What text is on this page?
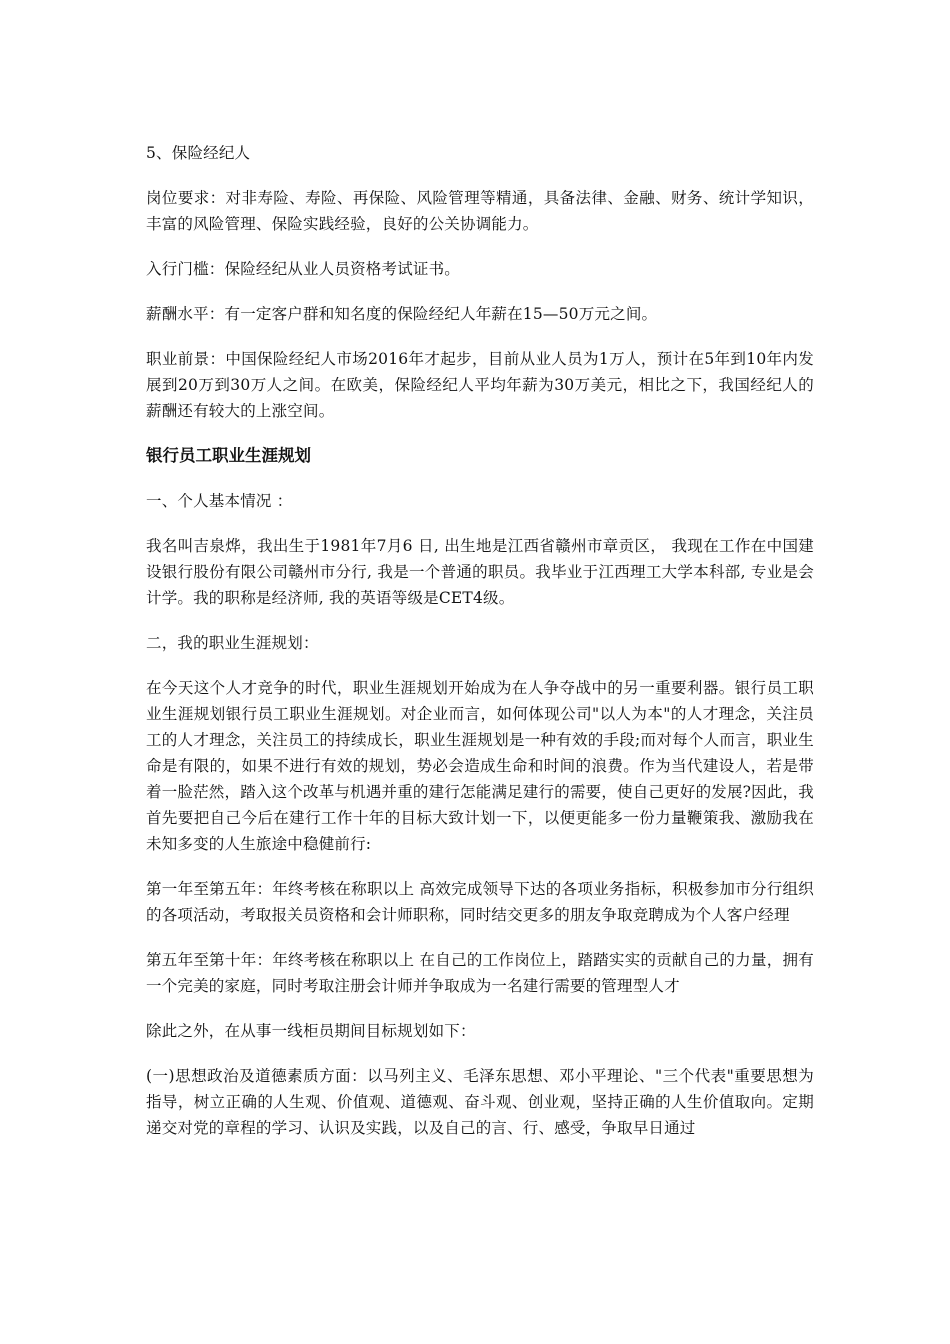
5、保险经纪人

岗位要求：对非寿险、寿险、再保险、风险管理等精通，具备法律、金融、财务、统计学知识，丰富的风险管理、保险实践经验，良好的公关协调能力。

入行门槛：保险经纪从业人员资格考试证书。

薪酬水平：有一定客户群和知名度的保险经纪人年薪在15—50万元之间。

职业前景：中国保险经纪人市场2016年才起步，目前从业人员为1万人，预计在5年到10年内发展到20万到30万人之间。在欧美，保险经纪人平均年薪为30万美元，相比之下，我国经纪人的薪酬还有较大的上涨空间。

银行员工职业生涯规划

一、个人基本情况 ：

我名叫吉泉烨，我出生于1981年7月6 日, 出生地是江西省赣州市章贡区， 我现在工作在中国建设银行股份有限公司赣州市分行, 我是一个普通的职员。我毕业于江西理工大学本科部, 专业是会计学。我的职称是经济师, 我的英语等级是CET4级。

二，我的职业生涯规划：

在今天这个人才竞争的时代，职业生涯规划开始成为在人争夺战中的另一重要利器。银行员工职业生涯规划银行员工职业生涯规划。对企业而言，如何体现公司"以人为本"的人才理念，关注员工的人才理念，关注员工的持续成长，职业生涯规划是一种有效的手段;而对每个人而言，职业生命是有限的，如果不进行有效的规划，势必会造成生命和时间的浪费。作为当代建设人，若是带着一脸茫然，踏入这个改革与机遇并重的建行怎能满足建行的需要，使自己更好的发展?因此，我首先要把自己今后在建行工作十年的目标大致计划一下，以便更能多一份力量鞭策我、激励我在未知多变的人生旅途中稳健前行:

第一年至第五年：年终考核在称职以上 高效完成领导下达的各项业务指标，积极参加市分行组织的各项活动，考取报关员资格和会计师职称，同时结交更多的朋友争取竞聘成为个人客户经理

第五年至第十年：年终考核在称职以上 在自己的工作岗位上，踏踏实实的贡献自己的力量，拥有一个完美的家庭，同时考取注册会计师并争取成为一名建行需要的管理型人才

除此之外，在从事一线柜员期间目标规划如下：

(一)思想政治及道德素质方面：以马列主义、毛泽东思想、邓小平理论、"三个代表"重要思想为指导，树立正确的人生观、价值观、道德观、奋斗观、创业观，坚持正确的人生价值取向。定期递交对党的章程的学习、认识及实践，以及自己的言、行、感受，争取早日通过
